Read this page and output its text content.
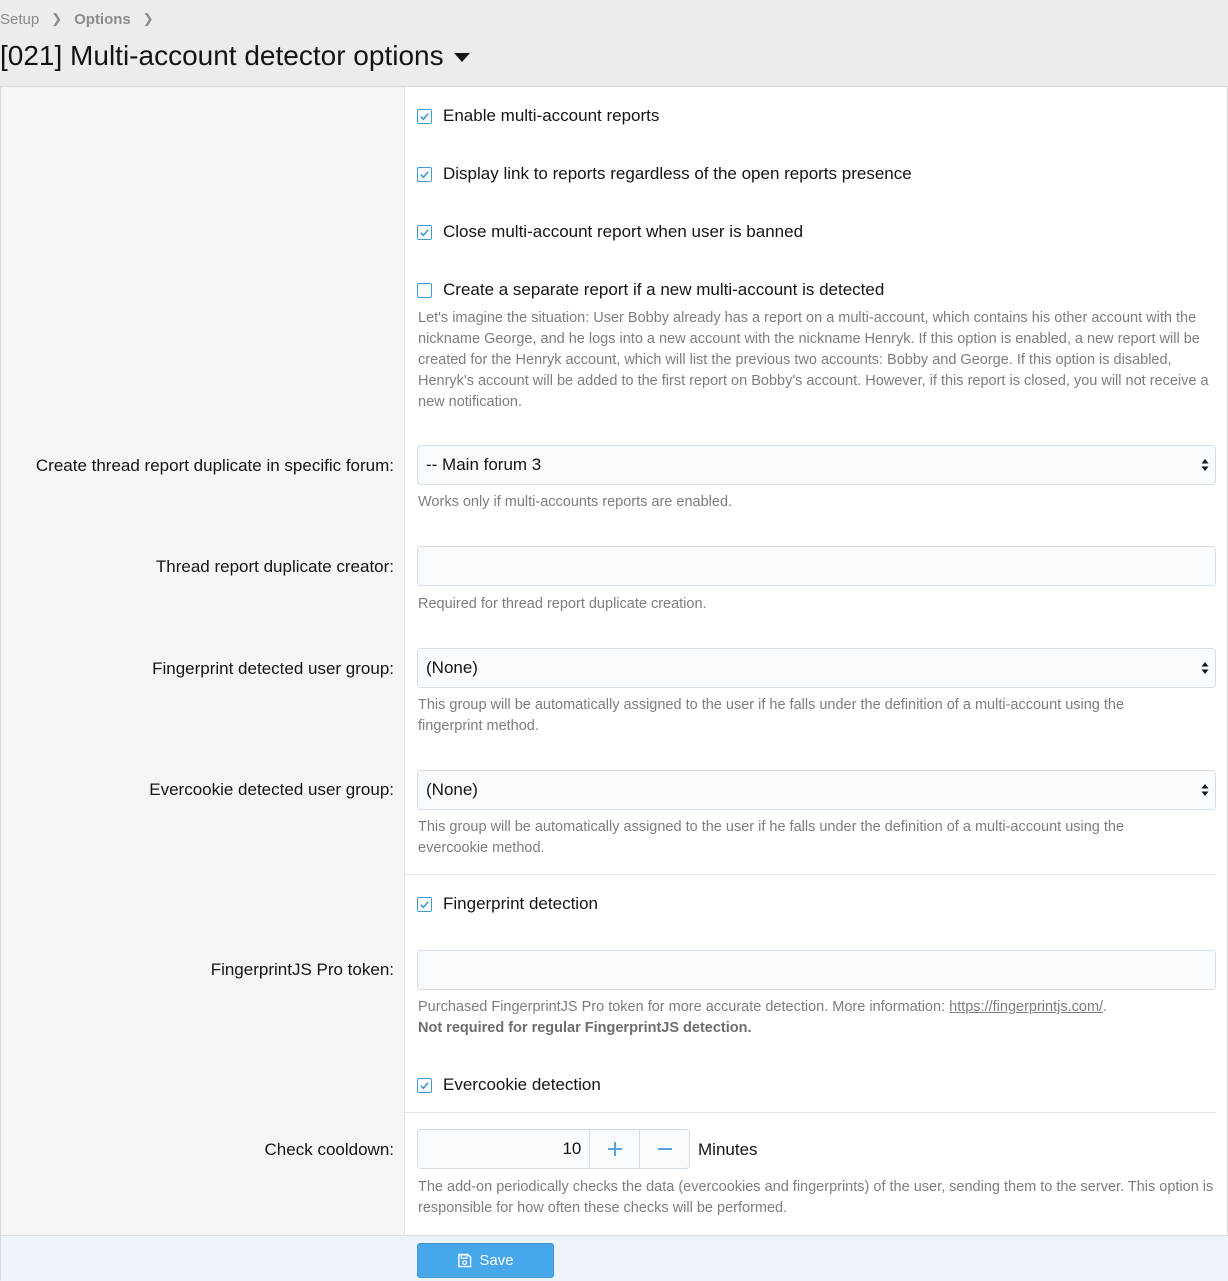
Setup ❯ Options ❯
[021] Multi-account detector options
Enable multi-account reports
Display link to reports regardless of the open reports presence
Close multi-account report when user is banned
Create a separate report if a new multi-account is detected
Let's imagine the situation: User Bobby already has a report on a multi-account, which contains his other account with the nickname George, and he logs into a new account with the nickname Henryk. If this option is enabled, a new report will be created for the Henryk account, which will list the previous two accounts: Bobby and George. If this option is disabled, Henryk's account will be added to the first report on Bobby's account. However, if this report is closed, you will not receive a new notification.
Create thread report duplicate in specific forum: -- Main forum 3
Works only if multi-accounts reports are enabled.
Thread report duplicate creator:
Required for thread report duplicate creation.
Fingerprint detected user group: (None)
This group will be automatically assigned to the user if he falls under the definition of a multi-account using the fingerprint method.
Evercookie detected user group: (None)
This group will be automatically assigned to the user if he falls under the definition of a multi-account using the evercookie method.
Fingerprint detection
FingerprintJS Pro token:
Purchased FingerprintJS Pro token for more accurate detection. More information: https://fingerprintjs.com/.
Not required for regular FingerprintJS detection.
Evercookie detection
Check cooldown:	10	Minutes
The add-on periodically checks the data (evercookies and fingerprints) of the user, sending them to the server. This option is responsible for how often these checks will be performed.
Save
